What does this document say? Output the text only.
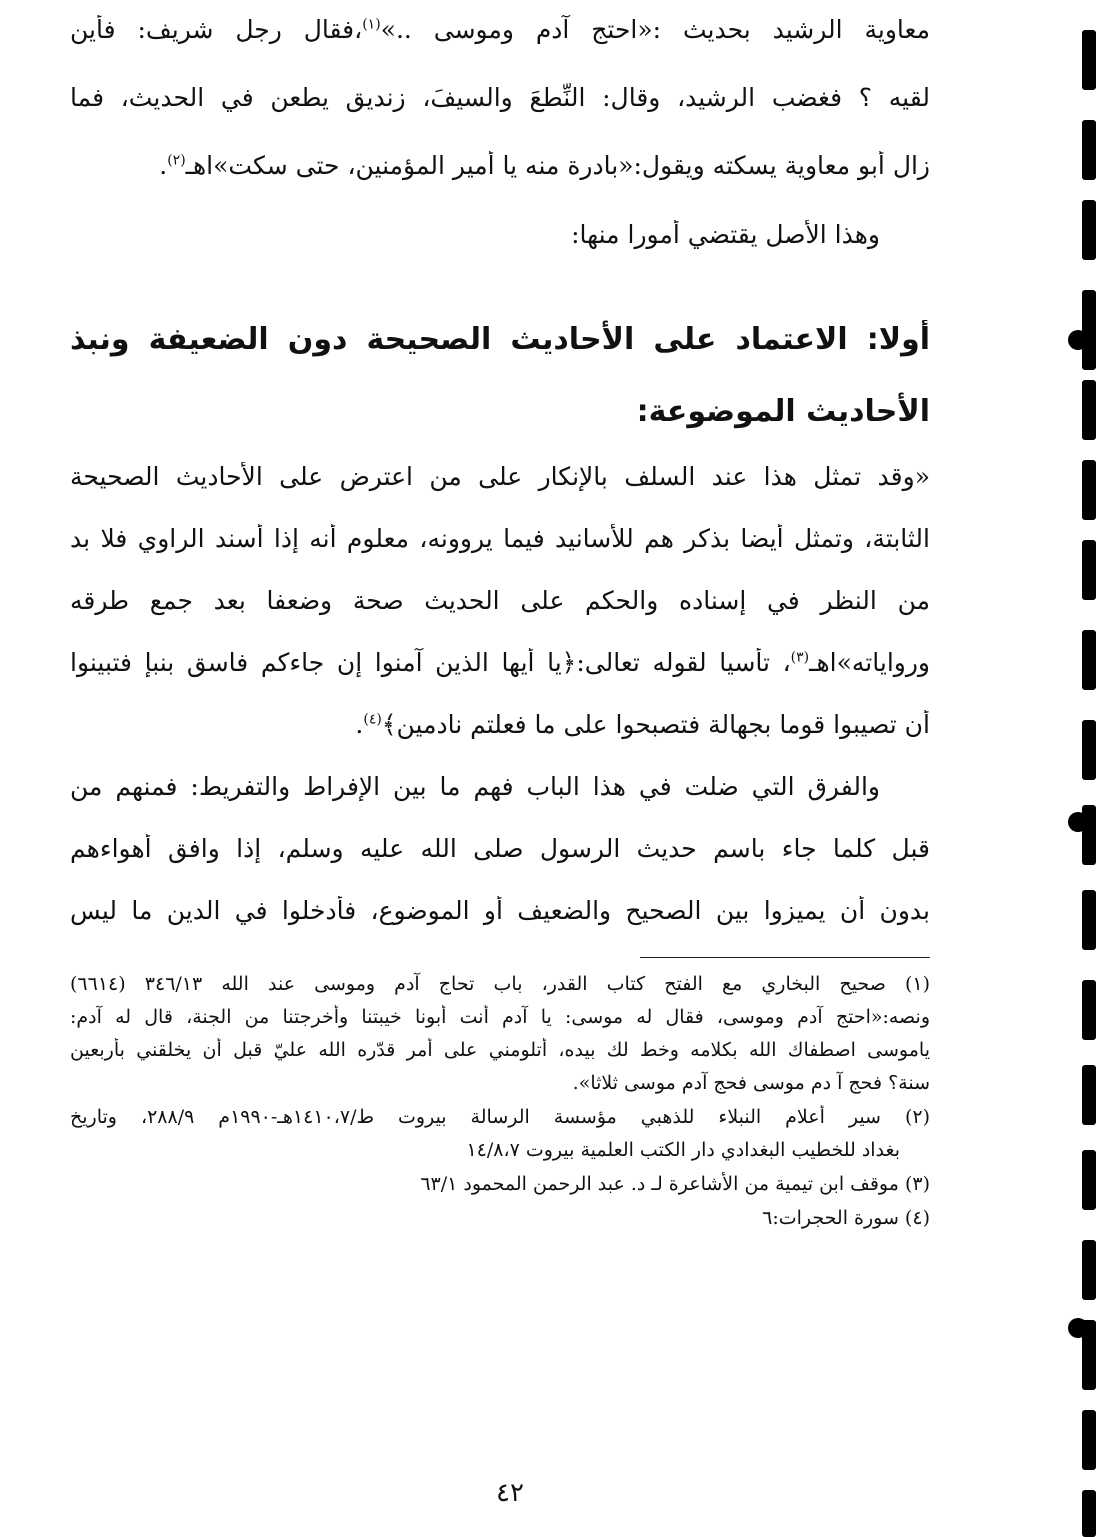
معاوية الرشيد بحديث :«احتج آدم وموسى ..»$^{(١)}$،فقال رجل شريف: فأين
لقيه ؟ فغضب الرشيد، وقال: النِّطعَ والسيفَ، زنديق يطعن في الحديث، فما
زال أبو معاوية يسكته ويقول:«بادرة منه يا أمير المؤمنين، حتى سكت»اهـ$^{(٢)}$.
وهذا الأصل يقتضي أمورا منها:
أولا: الاعتماد على الأحاديث الصحيحة دون الضعيفة ونبذ
الأحاديث الموضوعة:
«وقد تمثل هذا عند السلف بالإنكار على من اعترض على الأحاديث الصحيحة
الثابتة، وتمثل أيضا بذكر هم للأسانيد فيما يروونه، معلوم أنه إذا أسند الراوي فلا بد
من النظر في إسناده والحكم على الحديث صحة وضعفا بعد جمع طرقه
ورواياته»اهـ$^{(٣)}$، تأسيا لقوله تعالى:﴿يا أيها الذين آمنوا إن جاءكم فاسق بنبإ فتبينوا
أن تصيبوا قوما بجهالة فتصبحوا على ما فعلتم نادمين﴾$^{(٤)}$.
والفرق التي ضلت في هذا الباب فهم ما بين الإفراط والتفريط: فمنهم من
قبل كلما جاء باسم حديث الرسول صلى الله عليه وسلم، إذا وافق أهواءهم
بدون أن يميزوا بين الصحيح والضعيف أو الموضوع، فأدخلوا في الدين ما ليس
(١) صحيح البخاري مع الفتح كتاب القدر، باب تحاج آدم وموسى عند الله ٣٤٦/١٣ (٦٦١٤)
ونصه:«احتج آدم وموسى، فقال له موسى: يا آدم أنت أبونا خيبتنا وأخرجتنا من الجنة، قال له آدم:
ياموسى اصطفاك الله بكلامه وخط لك بيده، أتلومني على أمر قدّره الله عليّ قبل أن يخلقني بأربعين
سنة؟ فحج آ دم موسى فحج آدم موسى ثلاثا».
(٢) سير أعلام النبلاء للذهبي مؤسسة الرسالة بيروت ط/١٤١٠،٧هـ-١٩٩٠م ٢٨٨/٩، وتاريخ
بغداد للخطيب البغدادي دار الكتب العلمية بيروت ١٤/٨،٧
(٣) موقف ابن تيمية من الأشاعرة لـ د. عبد الرحمن المحمود ٦٣/١
(٤) سورة الحجرات:٦
٤٢
